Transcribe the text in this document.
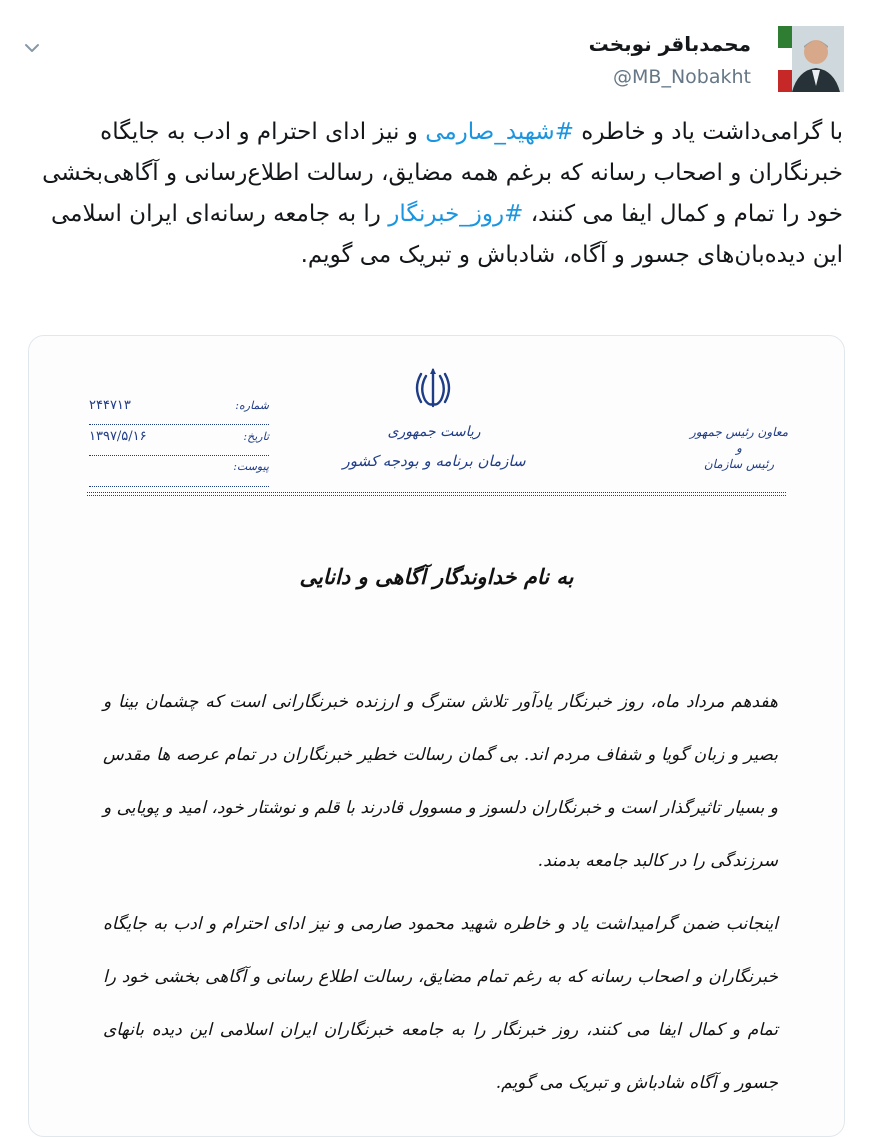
محمدباقر نوبخت
@MB_Nobakht
با گرامی‌داشت یاد و خاطره #شهید_صارمی و نیز ادای احترام و ادب به جایگاه خبرنگاران و اصحاب رسانه که برغم همه مضایق، رسالت اطلاع‌رسانی و آگاهی‌بخشی خود را تمام و کمال ایفا می کنند، #روز_خبرنگار را به جامعه رسانه‌ای ایران اسلامی این دیده‌بان‌های جسور و آگاه، شادباش و تبریک می گویم.
ریاست جمهوری
سازمان برنامه و بودجه کشور
معاون رئیس جمهور
و
رئیس سازمان
شماره:
۲۴۴۷۱۳
تاریخ:
۱۳۹۷/۵/۱۶
پیوست:
به نام خداوندگار آگاهی و دانایی

هفدهم مرداد ماه، روز خبرنگار یادآور تلاش سترگ و ارزنده خبرنگارانی است که چشمان بینا و بصیر و زبان گویا و شفاف مردم اند. بی گمان رسالت خطیر خبرنگاران در تمام عرصه ها مقدس و بسیار تاثیرگذار است و خبرنگاران دلسوز و مسوول قادرند با قلم و نوشتار خود، امید و پویایی و سرزندگی را در کالبد جامعه بدمند.

اینجانب ضمن گرامیداشت یاد و خاطره شهید محمود صارمی و نیز ادای احترام و ادب به جایگاه خبرنگاران و اصحاب رسانه که به رغم تمام مضایق، رسالت اطلاع رسانی و آگاهی بخشی خود را تمام و کمال ایفا می کنند، روز خبرنگار را به جامعه خبرنگاران ایران اسلامی این دیده بانهای جسور و آگاه شادباش و تبریک می گویم.
